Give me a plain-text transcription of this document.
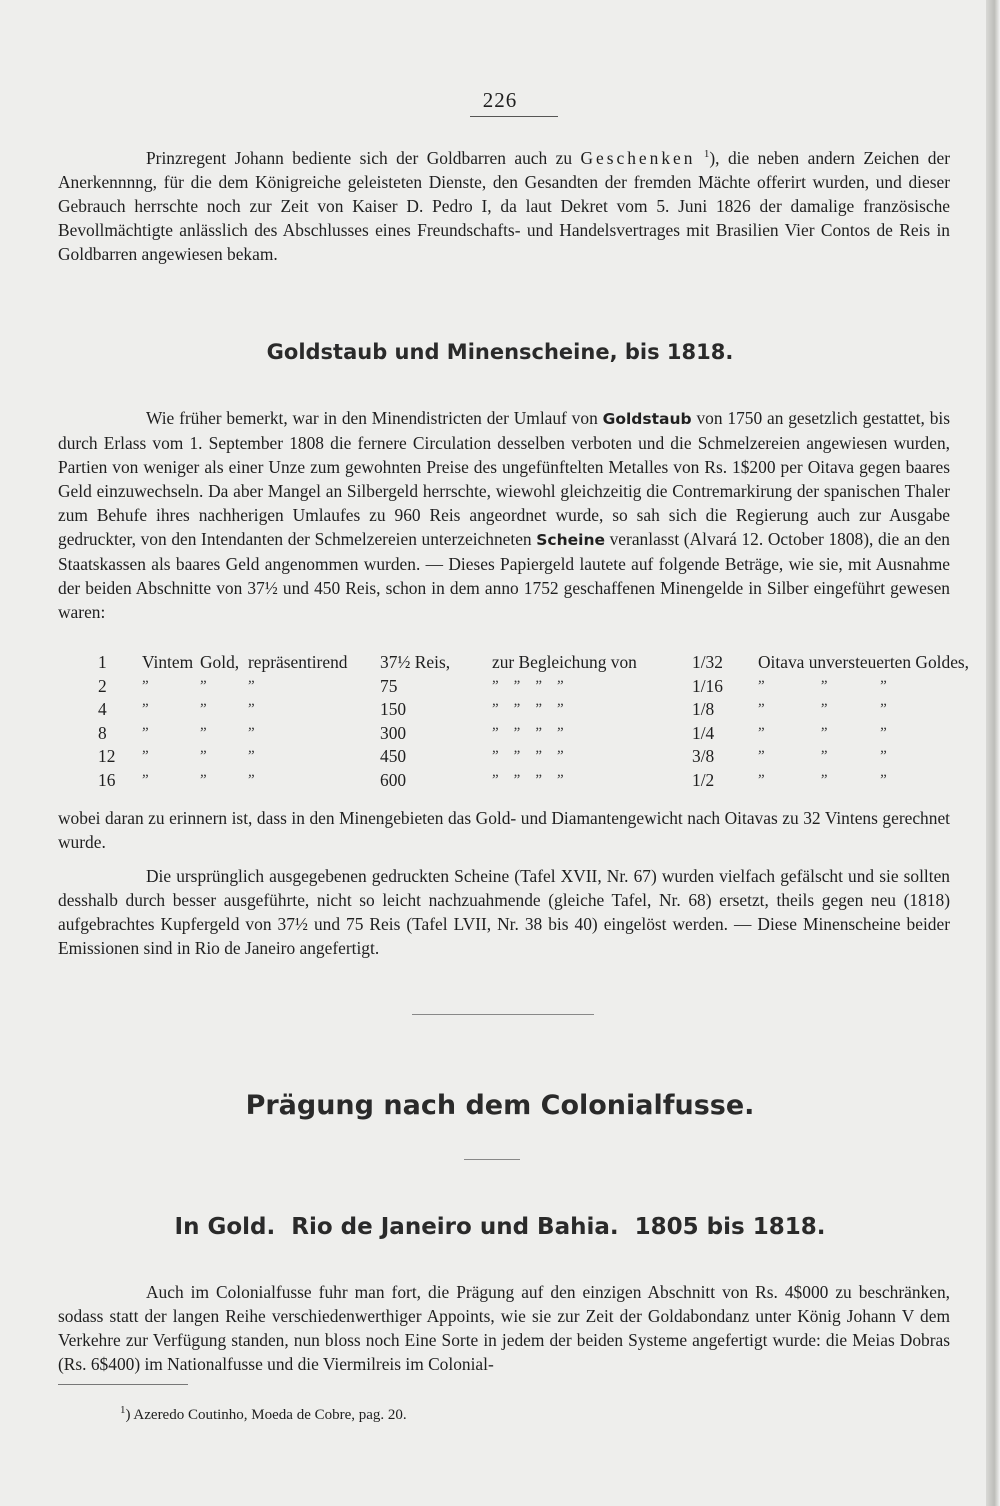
226

Prinzregent Johann bediente sich der Goldbarren auch zu Geschenken $^1$), die neben andern Zeichen der Anerkennnng, für die dem Königreiche geleisteten Dienste, den Gesandten der fremden Mächte offerirt wurden, und dieser Gebrauch herrschte noch zur Zeit von Kaiser D. Pedro I, da laut Dekret vom 5. Juni 1826 der damalige französische Bevollmächtigte anlässlich des Abschlusses eines Freundschafts- und Handelsvertrages mit Brasilien Vier Contos de Reis in Goldbarren angewiesen bekam.

Goldstaub und Minenscheine, bis 1818.

Wie früher bemerkt, war in den Minendistricten der Umlauf von Goldstaub von 1750 an gesetzlich gestattet, bis durch Erlass vom 1. September 1808 die fernere Circulation desselben verboten und die Schmelzereien angewiesen wurden, Partien von weniger als einer Unze zum gewohnten Preise des ungefünftelten Metalles von Rs. 1$200 per Oitava gegen baares Geld einzuwechseln. Da aber Mangel an Silbergeld herrschte, wiewohl gleichzeitig die Contremarkirung der spanischen Thaler zum Behufe ihres nachherigen Umlaufes zu 960 Reis angeordnet wurde, so sah sich die Regierung auch zur Ausgabe gedruckter, von den Intendanten der Schmelzereien unterzeichneten Scheine veranlasst (Alvará 12. October 1808), die an den Staatskassen als baares Geld angenommen wurden. — Dieses Papiergeld lautete auf folgende Beträge, wie sie, mit Ausnahme der beiden Abschnitte von 37½ und 450 Reis, schon in dem anno 1752 geschaffenen Minengelde in Silber eingeführt gewesen waren:

1	Vintem	Gold,	repräsentirend	37½ Reis,	zur Begleichung von	1/32	Oitava unversteuerten Goldes,
2	”	”	”	75	” ” ” ”	1/16	” ” ”
4	”	”	”	150	” ” ” ”	1/8	” ” ”
8	”	”	”	300	” ” ” ”	1/4	” ” ”
12	”	”	”	450	” ” ” ”	3/8	” ” ”
16	”	”	”	600	” ” ” ”	1/2	” ” ”

wobei daran zu erinnern ist, dass in den Minengebieten das Gold- und Diamantengewicht nach Oitavas zu 32 Vintens gerechnet wurde.

Die ursprünglich ausgegebenen gedruckten Scheine (Tafel XVII, Nr. 67) wurden vielfach gefälscht und sie sollten desshalb durch besser ausgeführte, nicht so leicht nachzuahmende (gleiche Tafel, Nr. 68) ersetzt, theils gegen neu (1818) aufgebrachtes Kupfergeld von 37½ und 75 Reis (Tafel LVII, Nr. 38 bis 40) eingelöst werden. — Diese Minenscheine beider Emissionen sind in Rio de Janeiro angefertigt.

Prägung nach dem Colonialfusse.
In Gold.  Rio de Janeiro und Bahia.  1805 bis 1818.

Auch im Colonialfusse fuhr man fort, die Prägung auf den einzigen Abschnitt von Rs. 4$000 zu beschränken, sodass statt der langen Reihe verschiedenwerthiger Appoints, wie sie zur Zeit der Goldabondanz unter König Johann V dem Verkehre zur Verfügung standen, nun bloss noch Eine Sorte in jedem der beiden Systeme angefertigt wurde: die Meias Dobras (Rs. 6$400) im Nationalfusse und die Viermilreis im Colonial-

$^1$) Azeredo Coutinho, Moeda de Cobre, pag. 20.
